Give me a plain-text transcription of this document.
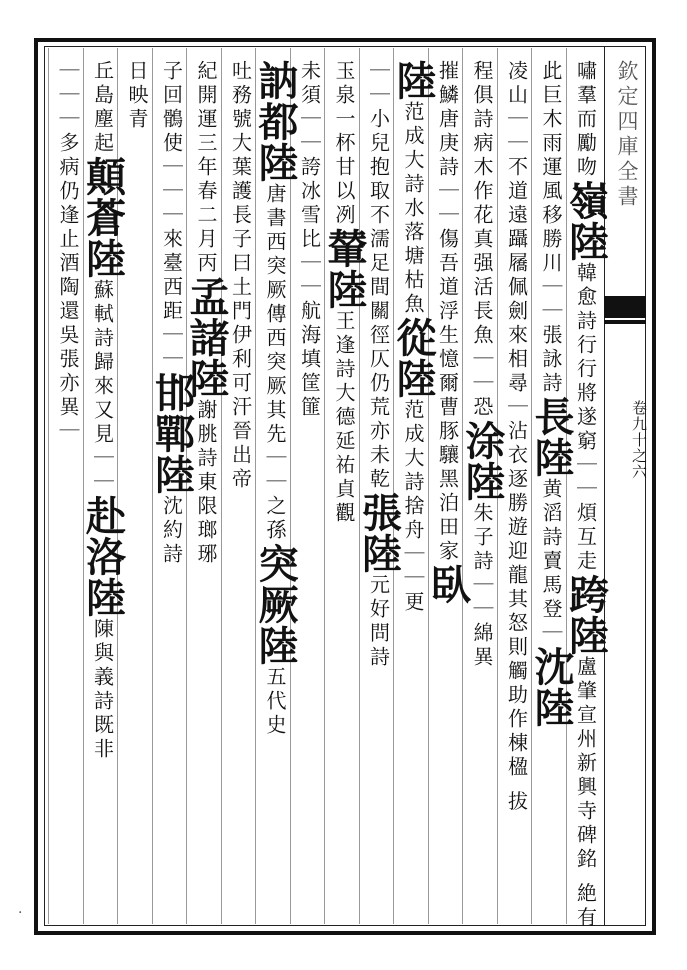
欽定四庫全書
卷九十之六
嘯羣而勵吻嶺陸韓愈詩行行將遂窮｜｜煩互走跨陸盧肇宣州新興寺碑銘 絶有
此巨木雨運風移勝川｜｜張詠詩長陸黄滔詩賣馬登｜沈陸
凌山｜｜不道遠躡屩佩劍來相尋｜沾衣逐勝遊迎龍其怒則觸助作棟楹 拔
程俱詩病木作花真强活長魚｜｜恐涂陸朱子詩｜｜綿異
摧鱗唐庚詩｜｜傷吾道浮生憶爾曹豚驤黑泊田家臥
陸范成大詩水落塘枯魚從陸范成大詩捨舟｜｜更
｜｜小兒抱取不濡足間關徑仄仍荒亦未乾張陸元好問詩
玉泉一杯甘以冽輦陸王逢詩大德延祐貞觀
未須｜｜誇冰雪比｜｜航海填筐篚
訥都陸唐書西突厥傳西突厥其先｜｜之孫突厥陸五代史
吐務號大葉護長子曰土門伊利可汗晉出帝
紀開運三年春二月丙孟諸陸謝朓詩東限瑯琊
子回鶻使｜｜｜來臺西距｜｜邯鄲陸沈約詩
日映青
丘島塵起顛蒼陸蘇軾詩歸來又見｜｜赴洛陸陳與義詩既非
｜｜｜多病仍逢止酒陶還吳張亦異｜
·
